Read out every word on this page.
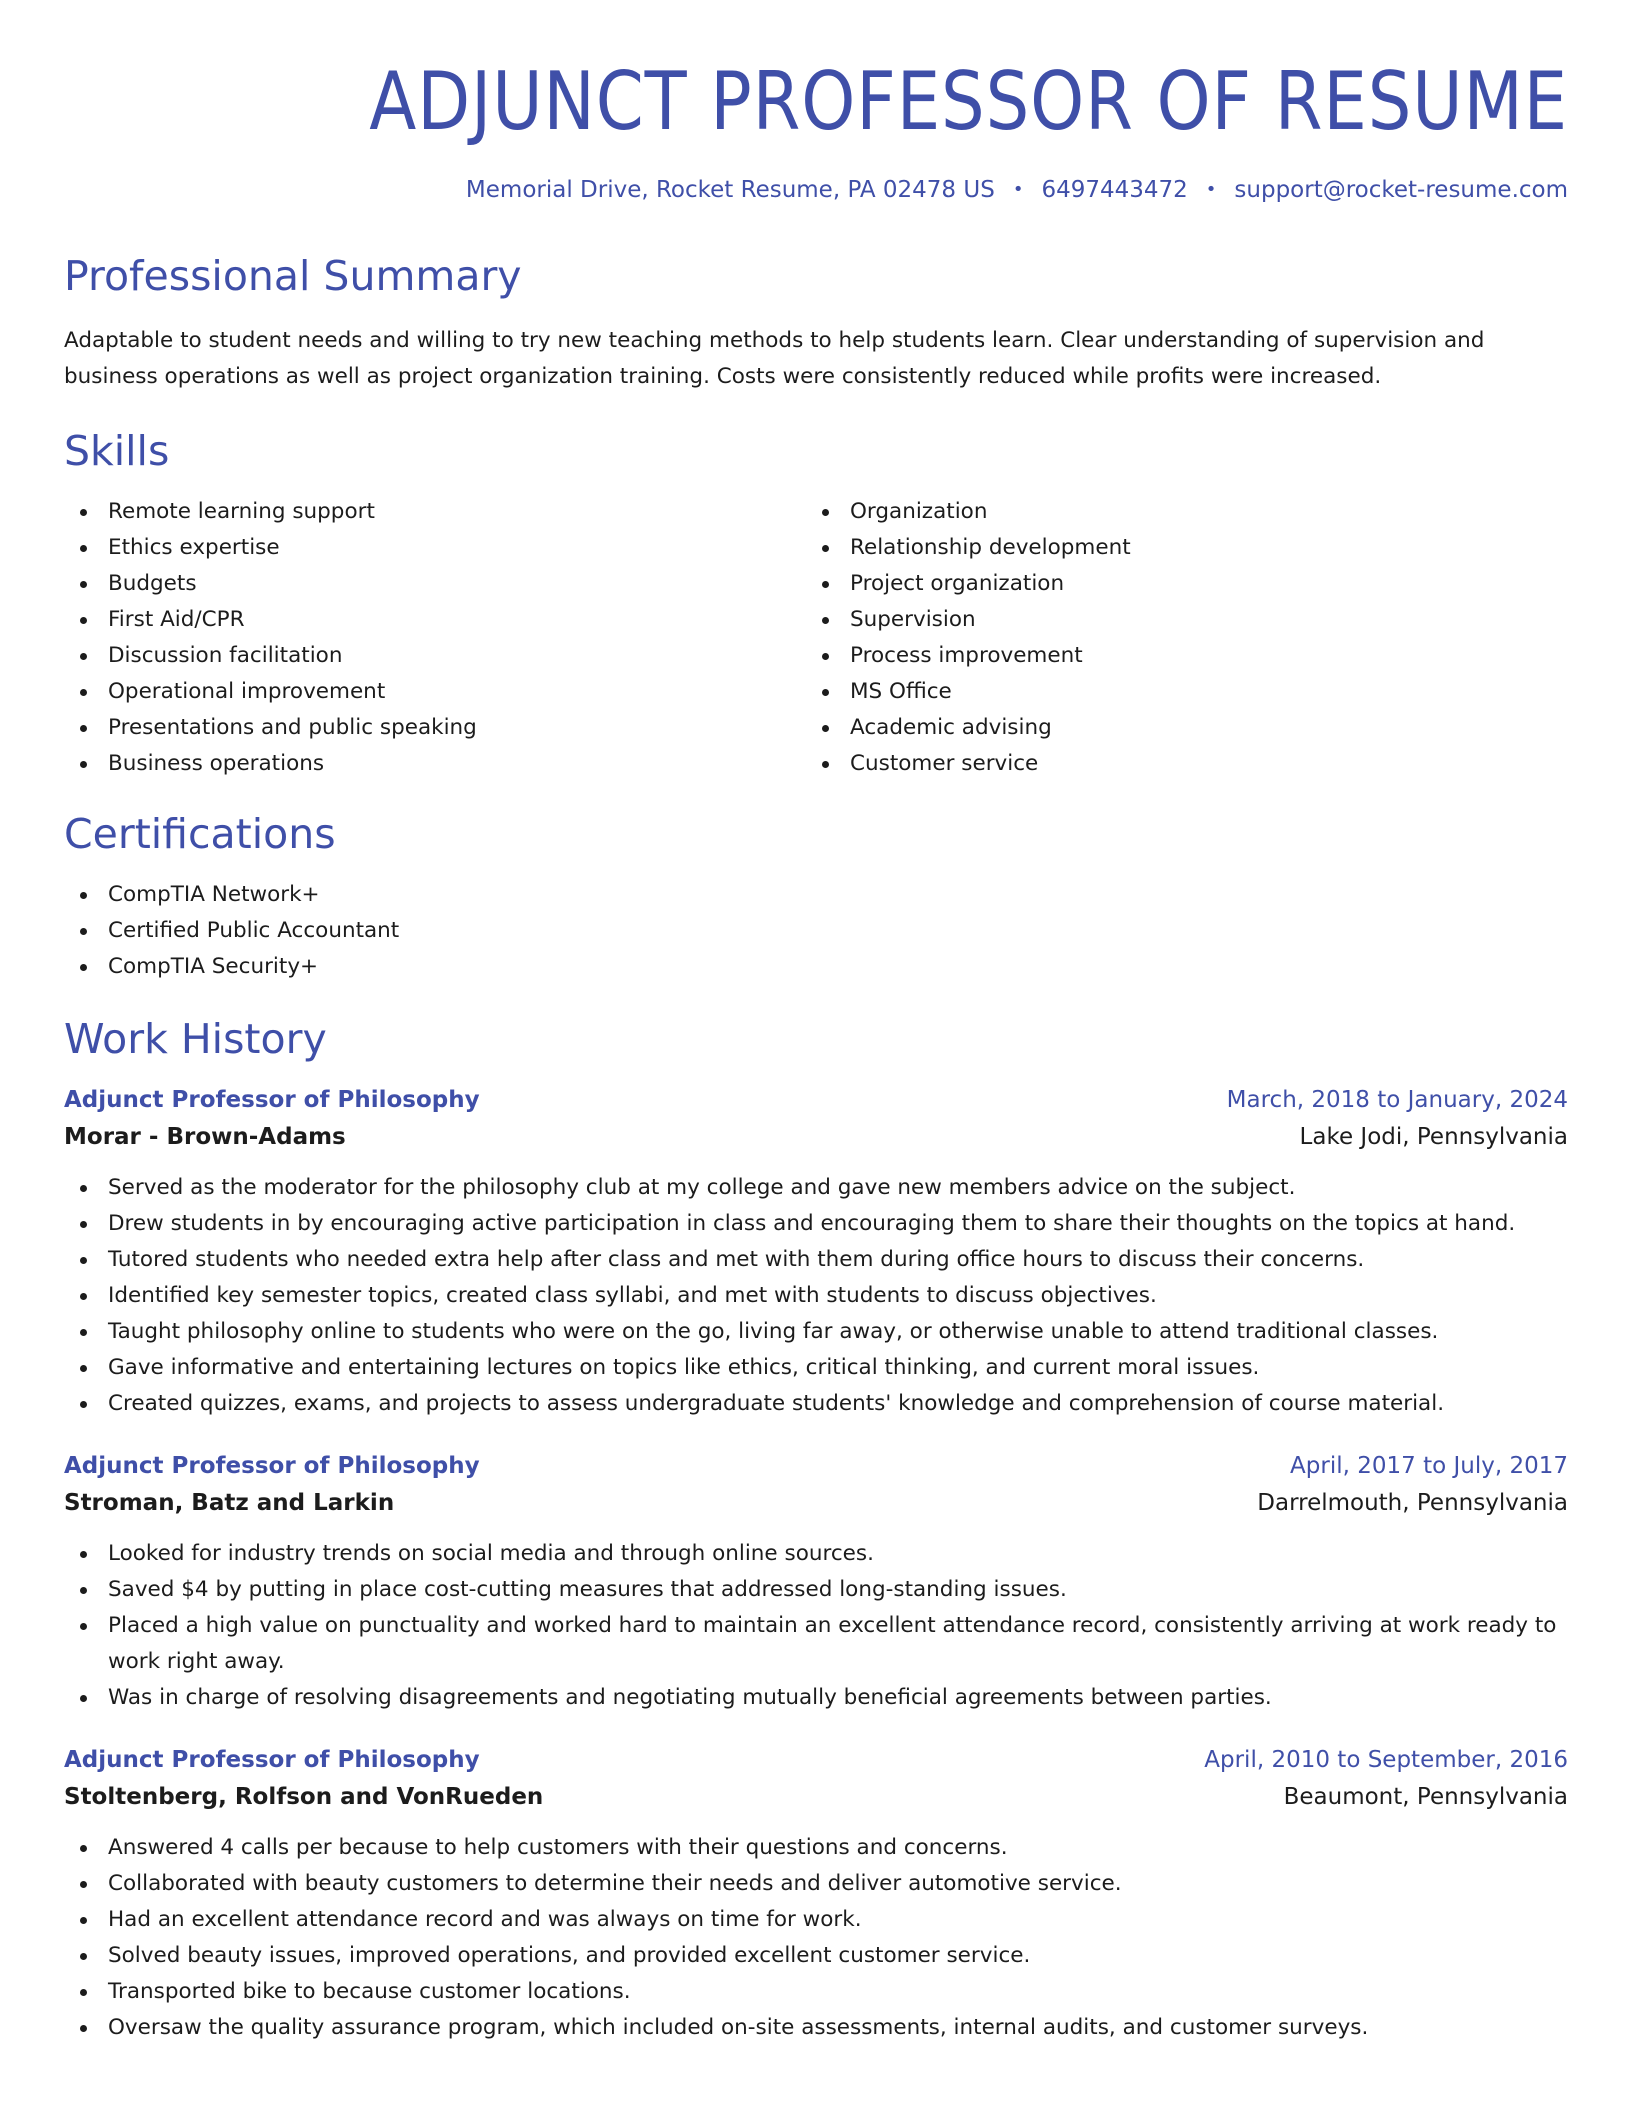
ADJUNCT PROFESSOR OF RESUME
Memorial Drive, Rocket Resume, PA 02478 US • 6497443472 • support@rocket-resume.com
Professional Summary

Adaptable to student needs and willing to try new teaching methods to help students learn. Clear understanding of supervision and business operations as well as project organization training. Costs were consistently reduced while profits were increased.

Skills
Remote learning support
Ethics expertise
Budgets
First Aid/CPR
Discussion facilitation
Operational improvement
Presentations and public speaking
Business operations
Organization
Relationship development
Project organization
Supervision
Process improvement
MS Office
Academic advising
Customer service
Certifications
CompTIA Network+
Certified Public Accountant
CompTIA Security+
Work History
Adjunct Professor of Philosophy	March, 2018 to January, 2024
Morar - Brown-Adams	Lake Jodi, Pennsylvania
Served as the moderator for the philosophy club at my college and gave new members advice on the subject.
Drew students in by encouraging active participation in class and encouraging them to share their thoughts on the topics at hand.
Tutored students who needed extra help after class and met with them during office hours to discuss their concerns.
Identified key semester topics, created class syllabi, and met with students to discuss objectives.
Taught philosophy online to students who were on the go, living far away, or otherwise unable to attend traditional classes.
Gave informative and entertaining lectures on topics like ethics, critical thinking, and current moral issues.
Created quizzes, exams, and projects to assess undergraduate students' knowledge and comprehension of course material.
Adjunct Professor of Philosophy	April, 2017 to July, 2017
Stroman, Batz and Larkin	Darrelmouth, Pennsylvania
Looked for industry trends on social media and through online sources.
Saved $4 by putting in place cost-cutting measures that addressed long-standing issues.
Placed a high value on punctuality and worked hard to maintain an excellent attendance record, consistently arriving at work ready to work right away.
Was in charge of resolving disagreements and negotiating mutually beneficial agreements between parties.
Adjunct Professor of Philosophy	April, 2010 to September, 2016
Stoltenberg, Rolfson and VonRueden	Beaumont, Pennsylvania
Answered 4 calls per because to help customers with their questions and concerns.
Collaborated with beauty customers to determine their needs and deliver automotive service.
Had an excellent attendance record and was always on time for work.
Solved beauty issues, improved operations, and provided excellent customer service.
Transported bike to because customer locations.
Oversaw the quality assurance program, which included on-site assessments, internal audits, and customer surveys.
